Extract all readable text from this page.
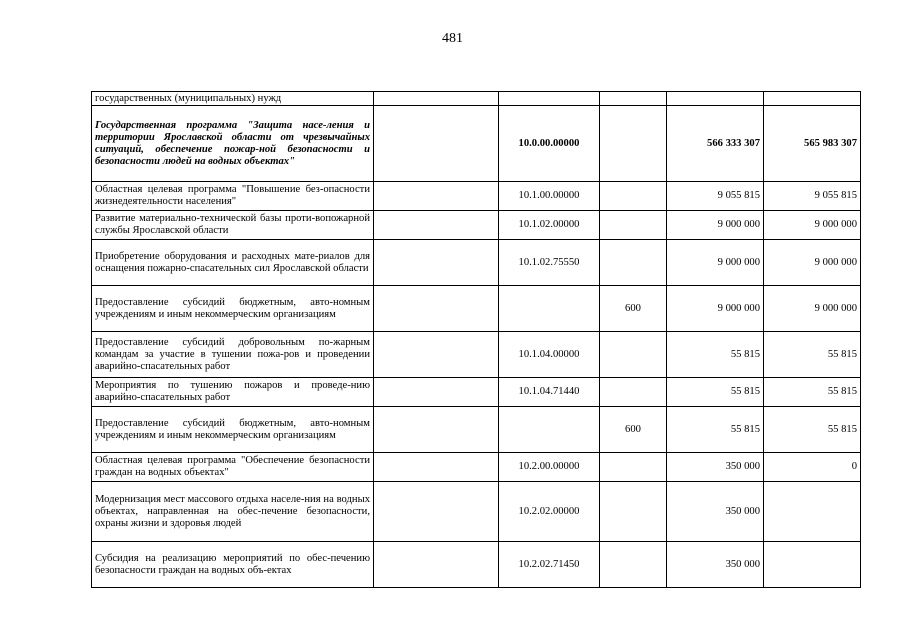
481
государственных (муниципальных) нужд					
Государственная программа "Защита насе-ления и территории Ярославской области от чрезвычайных ситуаций, обеспечение пожар-ной безопасности и безопасности людей на водных объектах"		10.0.00.00000		566 333 307	565 983 307
Областная целевая программа "Повышение без-опасности жизнедеятельности населения"		10.1.00.00000		9 055 815	9 055 815
Развитие материально-технической базы проти-вопожарной службы Ярославской области		10.1.02.00000		9 000 000	9 000 000
Приобретение оборудования и расходных мате-риалов для оснащения пожарно-спасательных сил Ярославской области		10.1.02.75550		9 000 000	9 000 000
Предоставление субсидий бюджетным, авто-номным учреждениям и иным некоммерческим организациям			600	9 000 000	9 000 000
Предоставление субсидий добровольным по-жарным командам за участие в тушении пожа-ров и проведении аварийно-спасательных работ		10.1.04.00000		55 815	55 815
Мероприятия по тушению пожаров и проведе-нию аварийно-спасательных работ		10.1.04.71440		55 815	55 815
Предоставление субсидий бюджетным, авто-номным учреждениям и иным некоммерческим организациям			600	55 815	55 815
Областная целевая программа "Обеспечение безопасности граждан на водных объектах"		10.2.00.00000		350 000	0
Модернизация мест массового отдыха населе-ния на водных объектах, направленная на обес-печение безопасности, охраны жизни и здоровья людей		10.2.02.00000		350 000	
Субсидия на реализацию мероприятий по обес-печению безопасности граждан на водных объ-ектах		10.2.02.71450		350 000	
